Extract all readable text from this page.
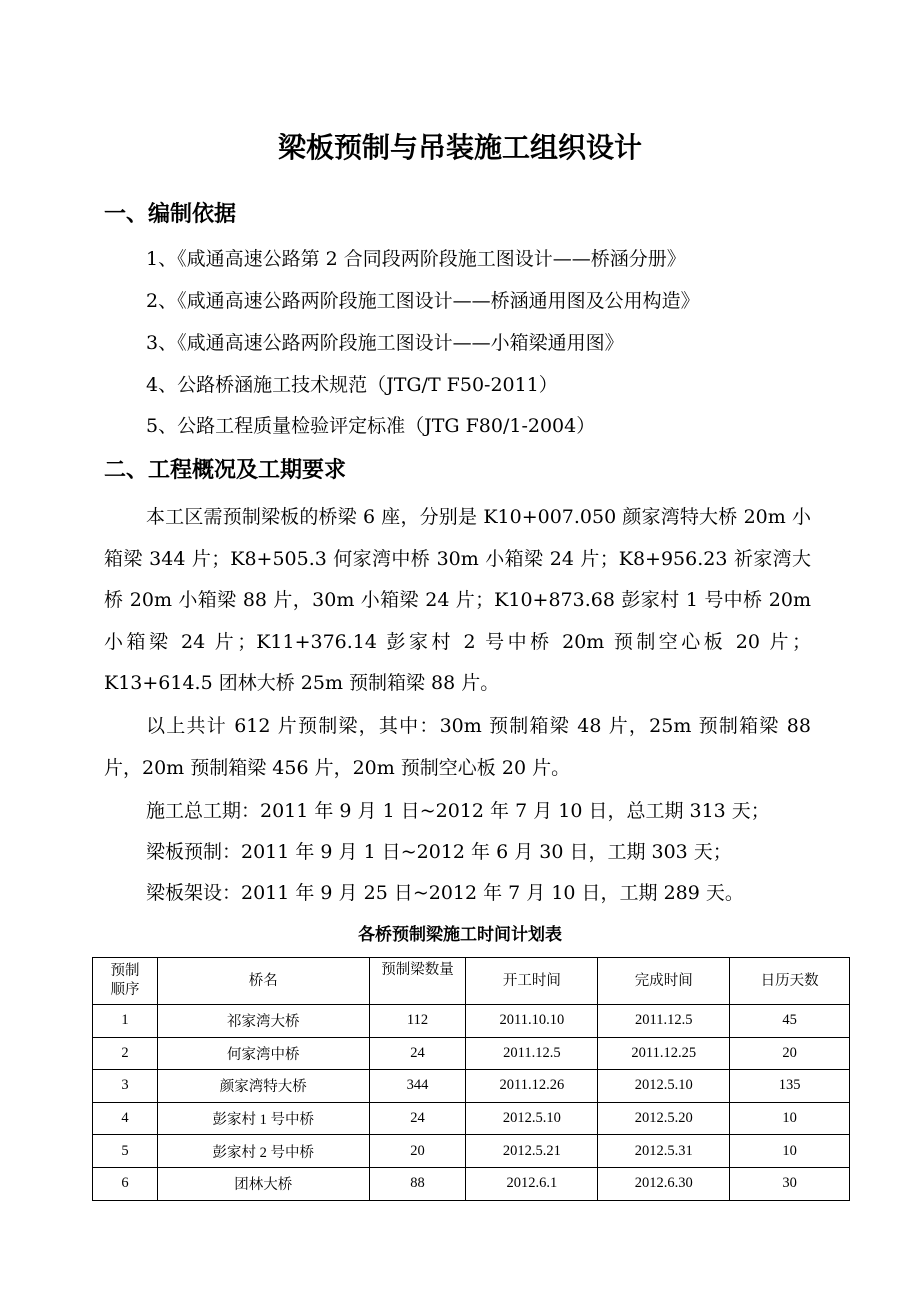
梁板预制与吊装施工组织设计
一、编制依据

1、《咸通高速公路第 2 合同段两阶段施工图设计——桥涵分册》

2、《咸通高速公路两阶段施工图设计——桥涵通用图及公用构造》

3、《咸通高速公路两阶段施工图设计——小箱梁通用图》

4、公路桥涵施工技术规范（JTG/T F50-2011）

5、公路工程质量检验评定标准（JTG F80/1-2004）

二、工程概况及工期要求

本工区需预制梁板的桥梁 6 座，分别是 K10+007.050 颜家湾特大桥 20m 小箱梁 344 片；K8+505.3 何家湾中桥 30m 小箱梁 24 片；K8+956.23 祈家湾大桥 20m 小箱梁 88 片，30m 小箱梁 24 片；K10+873.68 彭家村 1 号中桥 20m 小箱梁 24 片；K11+376.14 彭家村 2 号中桥 20m 预制空心板 20 片；K13+614.5 团林大桥 25m 预制箱梁 88 片。

以上共计 612 片预制梁，其中：30m 预制箱梁 48 片，25m 预制箱梁 88 片，20m 预制箱梁 456 片，20m 预制空心板 20 片。

施工总工期：2011 年 9 月 1 日~2012 年 7 月 10 日，总工期 313 天；

梁板预制：2011 年 9 月 1 日~2012 年 6 月 30 日，工期 303 天；

梁板架设：2011 年 9 月 25 日~2012 年 7 月 10 日，工期 289 天。

各桥预制梁施工时间计划表
预制顺序	桥名	预制梁数量	开工时间	完成时间	日历天数
1	祁家湾大桥	112	2011.10.10	2011.12.5	45
2	何家湾中桥	24	2011.12.5	2011.12.25	20
3	颜家湾特大桥	344	2011.12.26	2012.5.10	135
4	彭家村 1 号中桥	24	2012.5.10	2012.5.20	10
5	彭家村 2 号中桥	20	2012.5.21	2012.5.31	10
6	团林大桥	88	2012.6.1	2012.6.30	30
